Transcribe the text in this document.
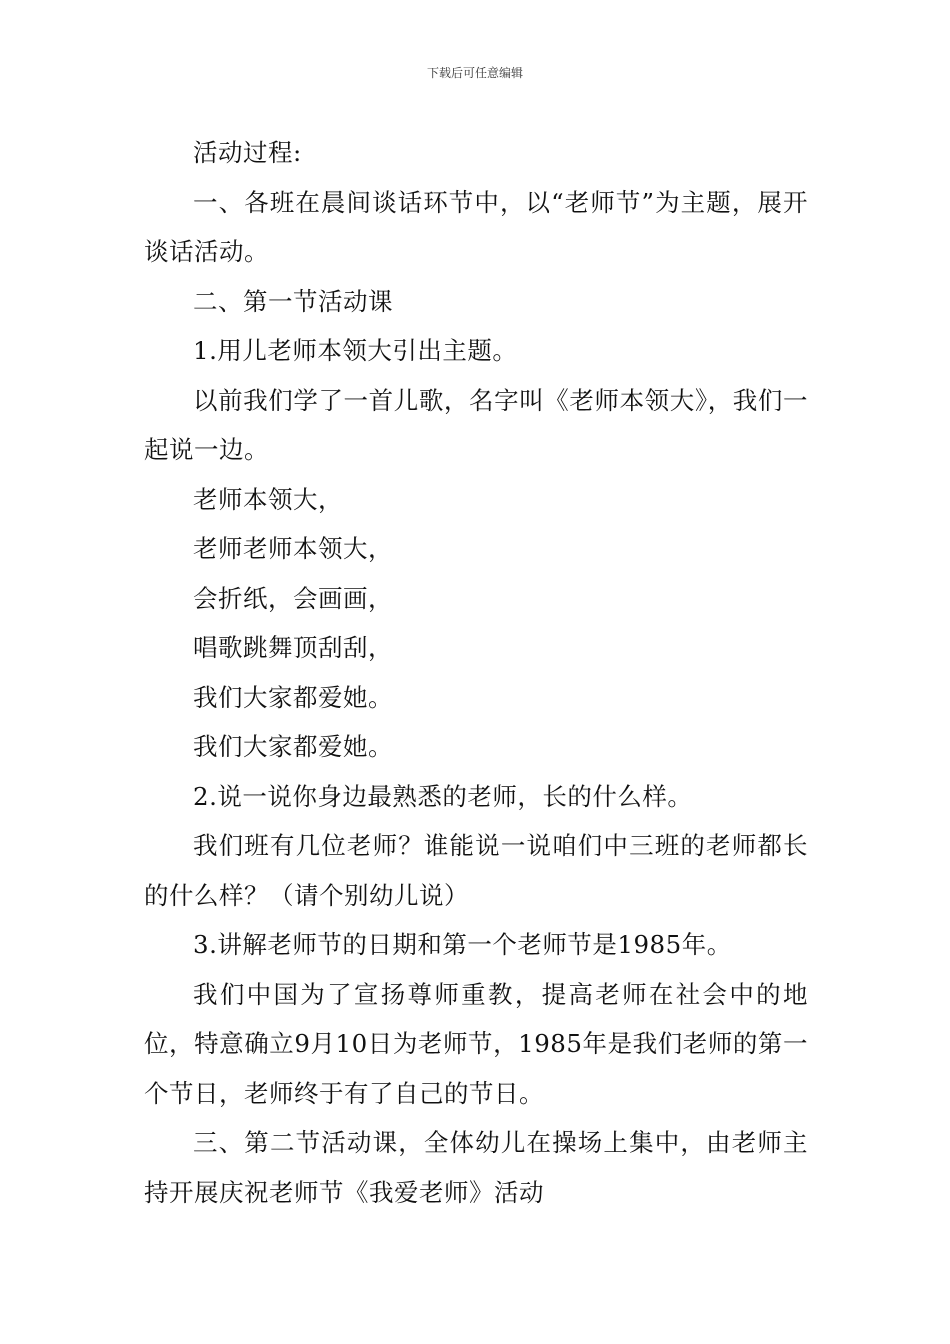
下载后可任意编辑

活动过程:

一、各班在晨间谈话环节中，以“老师节”为主题，展开谈话活动。

二、第一节活动课

1.用儿老师本领大引出主题。

以前我们学了一首儿歌，名字叫《老师本领大》，我们一起说一边。

老师本领大，

老师老师本领大，

会折纸，会画画，

唱歌跳舞顶刮刮，

我们大家都爱她。

我们大家都爱她。

2.说一说你身边最熟悉的老师，长的什么样。

我们班有几位老师？谁能说一说咱们中三班的老师都长的什么样？（请个别幼儿说）

3.讲解老师节的日期和第一个老师节是1985年。

我们中国为了宣扬尊师重教，提高老师在社会中的地位，特意确立9月10日为老师节，1985年是我们老师的第一个节日，老师终于有了自己的节日。

三、第二节活动课，全体幼儿在操场上集中，由老师主持开展庆祝老师节《我爱老师》活动
